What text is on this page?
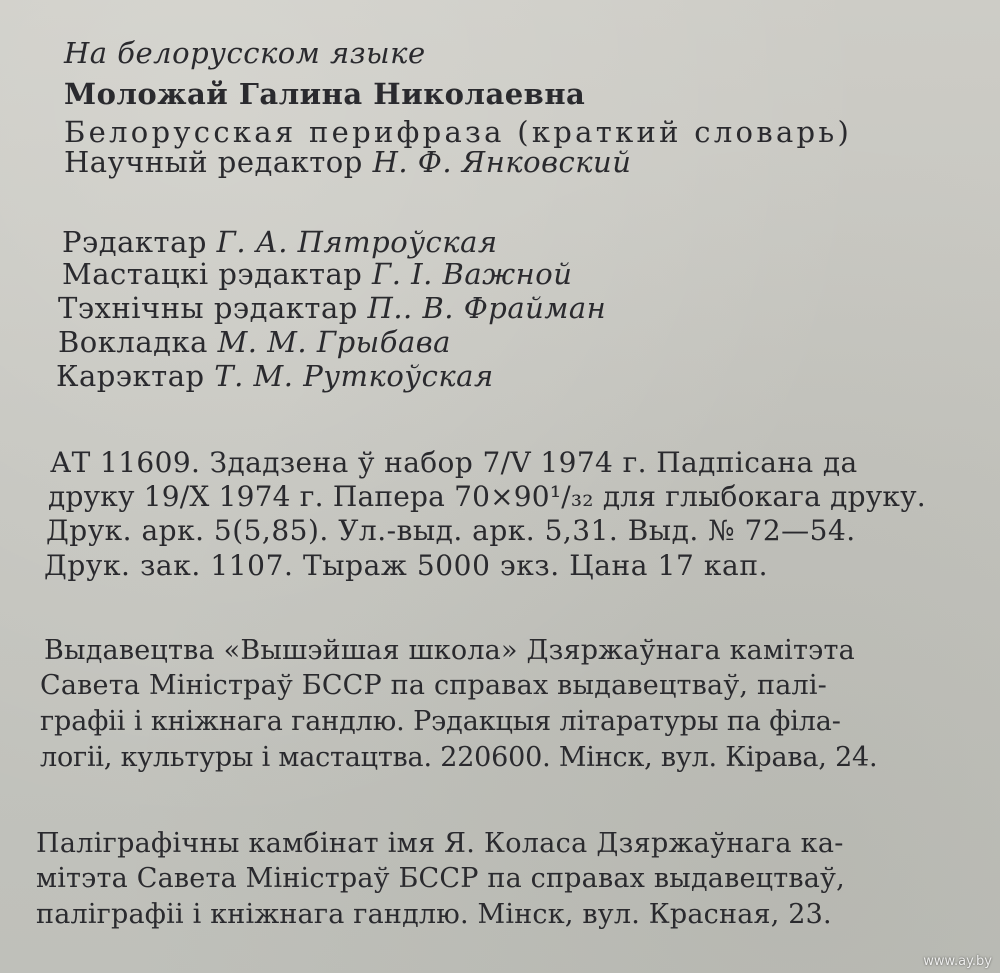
На белорусском языке
Моложай Галина Николаевна
Белорусская перифраза (краткий словарь)
Научный редактор Н. Ф. Янковский
Рэдактар Г. А. Пятроўская
Мастацкі рэдактар Г. І. Важной
Тэхнічны рэдактар П.. В. Фрайман
Вокладка М. М. Грыбава
Карэктар Т. М. Руткоўская
АТ 11609. Здадзена ў набор 7/V 1974 г. Падпісана да
друку 19/X 1974 г. Папера 70×90¹/₃₂ для глыбокага друку.
Друк. арк. 5(5,85). Ул.-выд. арк. 5,31. Выд. № 72—54.
Друк. зак. 1107. Тыраж 5000 экз. Цана 17 кап.
Выдавецтва «Вышэйшая школа» Дзяржаўнага камітэта
Савета Міністраў БССР па справах выдавецтваў, палі-
графіі і кніжнага гандлю. Рэдакцыя літаратуры па філа-
логіі, культуры і мастацтва. 220600. Мінск, вул. Кірава, 24.
Паліграфічны камбінат імя Я. Коласа Дзяржаўнага ка-
мітэта Савета Міністраў БССР па справах выдавецтваў,
паліграфіі і кніжнага гандлю. Мінск, вул. Красная, 23.
www.ay.by
